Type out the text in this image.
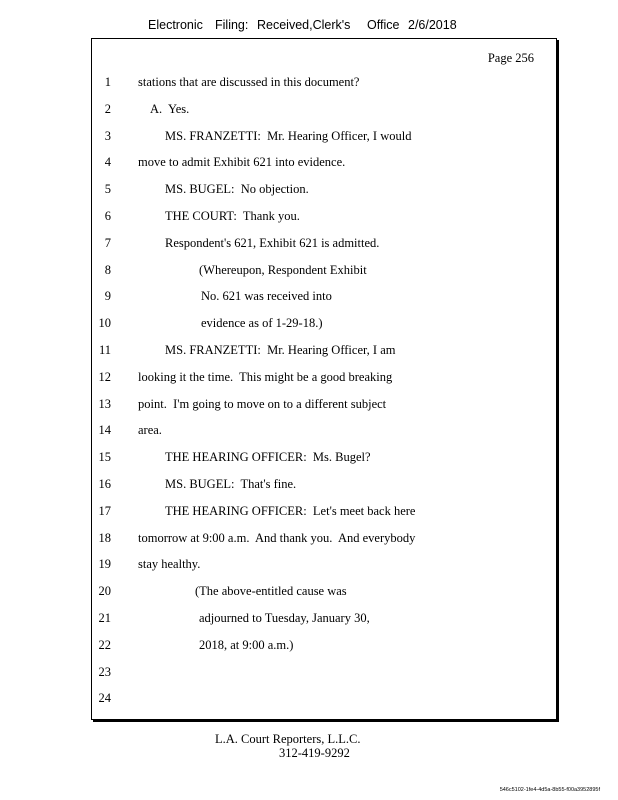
Electronic Filing: Received,Clerk's Office 2/6/2018
Page 256
1 stations that are discussed in this document?
2	A.  Yes.
3	MS. FRANZETTI:  Mr. Hearing Officer, I would
4 move to admit Exhibit 621 into evidence.
5	MS. BUGEL:  No objection.
6	THE COURT:  Thank you.
7	Respondent's 621, Exhibit 621 is admitted.
8	(Whereupon, Respondent Exhibit
9	No. 621 was received into
10	evidence as of 1-29-18.)
11	MS. FRANZETTI:  Mr. Hearing Officer, I am
12 looking it the time.  This might be a good breaking
13 point.  I'm going to move on to a different subject
14 area.
15	THE HEARING OFFICER:  Ms. Bugel?
16	MS. BUGEL:  That's fine.
17	THE HEARING OFFICER:  Let's meet back here
18 tomorrow at 9:00 a.m.  And thank you.  And everybody
19 stay healthy.
20	(The above-entitled cause was
21	adjourned to Tuesday, January 30,
22	2018, at 9:00 a.m.)
23
24
L.A. Court Reporters, L.L.C.
312-419-9292
546c5102-1fe4-4d5a-8b55-f00a3952895f
